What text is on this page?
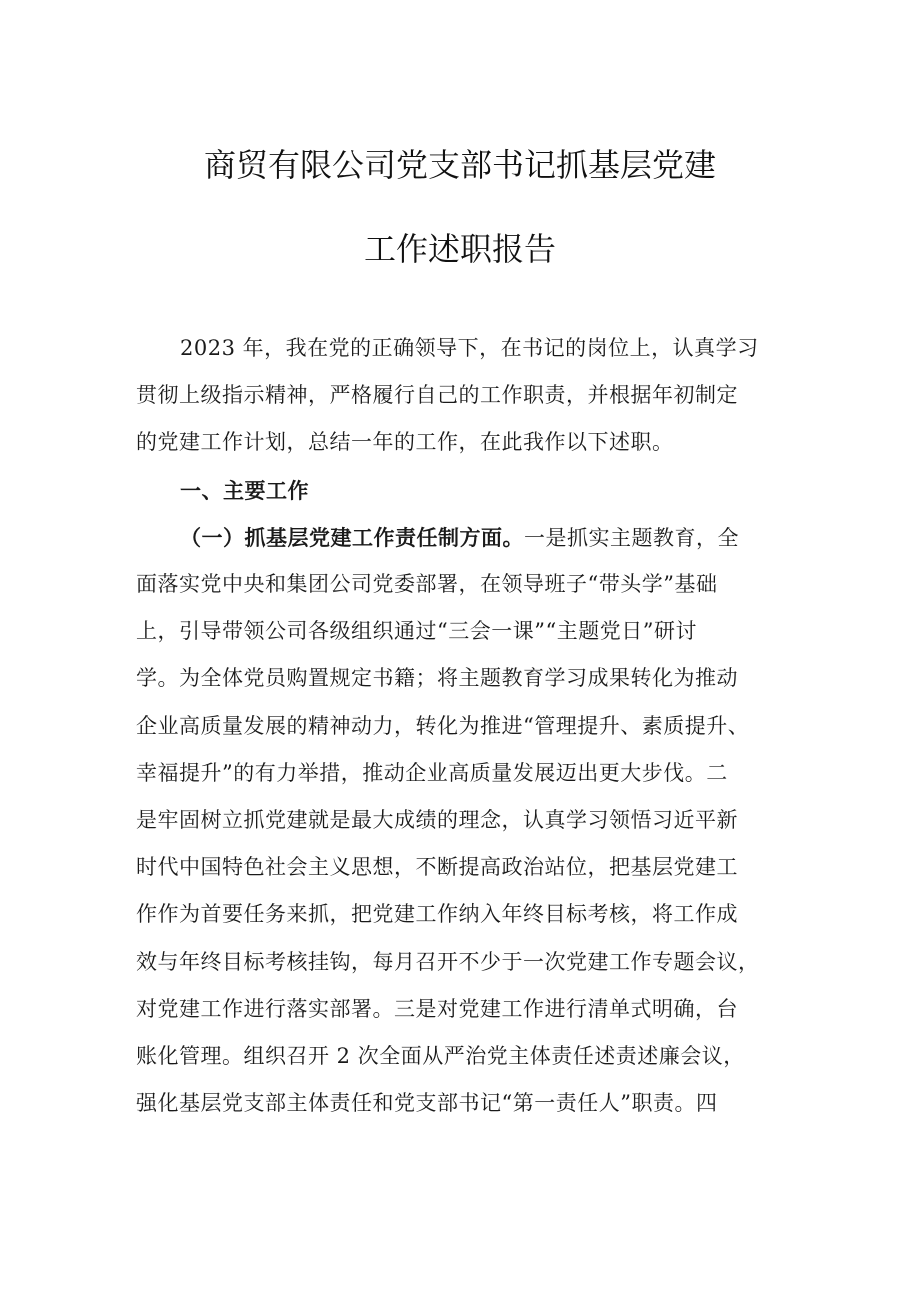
商贸有限公司党支部书记抓基层党建
工作述职报告
2023 年，我在党的正确领导下，在书记的岗位上，认真学习
贯彻上级指示精神，严格履行自己的工作职责，并根据年初制定
的党建工作计划，总结一年的工作，在此我作以下述职。
一、主要工作
（一）抓基层党建工作责任制方面。一是抓实主题教育，全
面落实党中央和集团公司党委部署，在领导班子“带头学”基础
上，引导带领公司各级组织通过“三会一课”“主题党日”研讨
学。为全体党员购置规定书籍；将主题教育学习成果转化为推动
企业高质量发展的精神动力，转化为推进“管理提升、素质提升、
幸福提升”的有力举措，推动企业高质量发展迈出更大步伐。二
是牢固树立抓党建就是最大成绩的理念，认真学习领悟习近平新
时代中国特色社会主义思想，不断提高政治站位，把基层党建工
作作为首要任务来抓，把党建工作纳入年终目标考核，将工作成
效与年终目标考核挂钩，每月召开不少于一次党建工作专题会议，
对党建工作进行落实部署。三是对党建工作进行清单式明确，台
账化管理。组织召开 2 次全面从严治党主体责任述责述廉会议，
强化基层党支部主体责任和党支部书记“第一责任人”职责。四
